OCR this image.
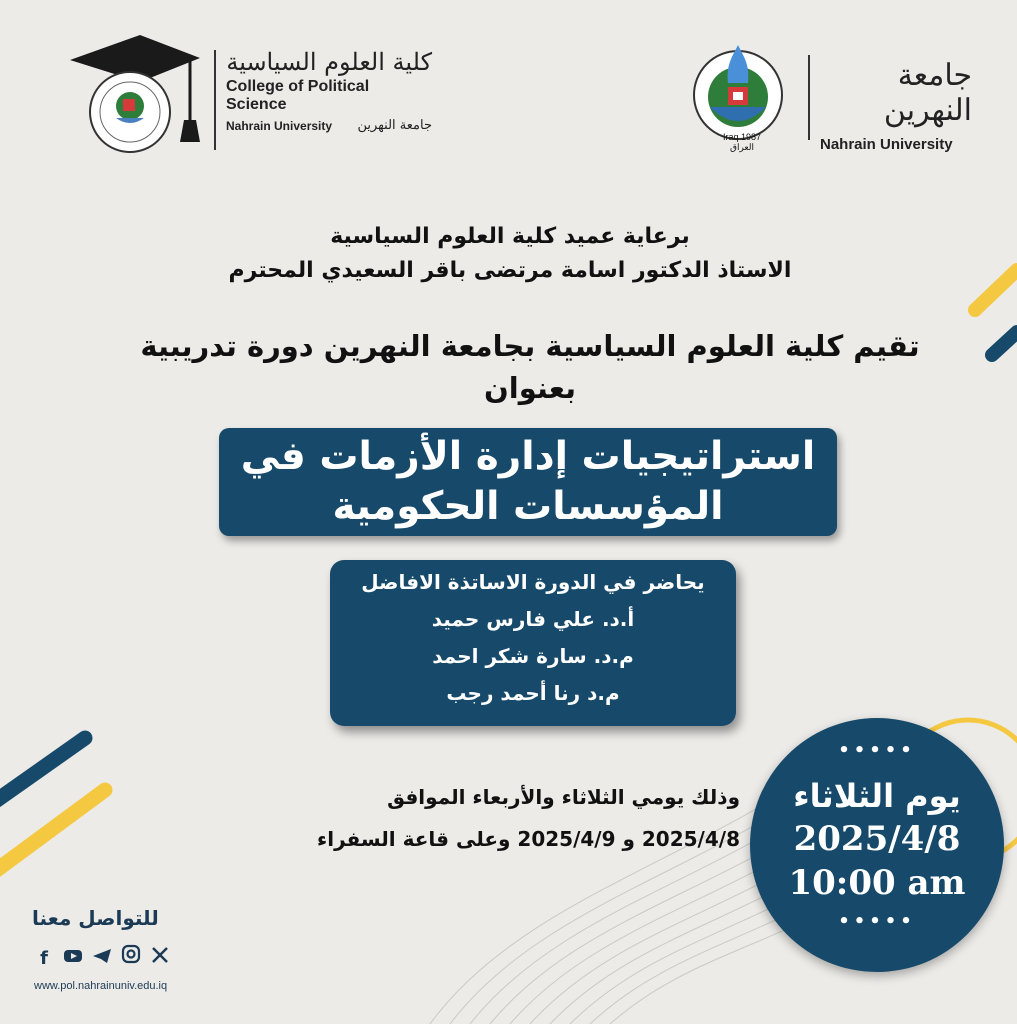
كلية العلوم السياسية
College of Political Science
Nahrain University جامعة النهرين
Iraq 1987 العراق
جامعة النهرين
Nahrain University
برعاية عميد كلية العلوم السياسية
الاستاذ الدكتور اسامة مرتضى باقر السعيدي المحترم
تقيم كلية العلوم السياسية بجامعة النهرين دورة تدريبية
بعنوان
استراتيجيات إدارة الأزمات في
المؤسسات الحكومية
يحاضر في الدورة الاساتذة الافاضل
أ.د. علي فارس حميد
م.د. سارة شكر احمد
م.د رنا أحمد رجب
وذلك يومي الثلاثاء والأربعاء الموافق
2025/4/8 و 2025/4/9 وعلى قاعة السفراء
•••••
يوم الثلاثاء
2025/4/8
10:00 am
•••••
للتواصل معنا
f
www.pol.nahrainuniv.edu.iq
